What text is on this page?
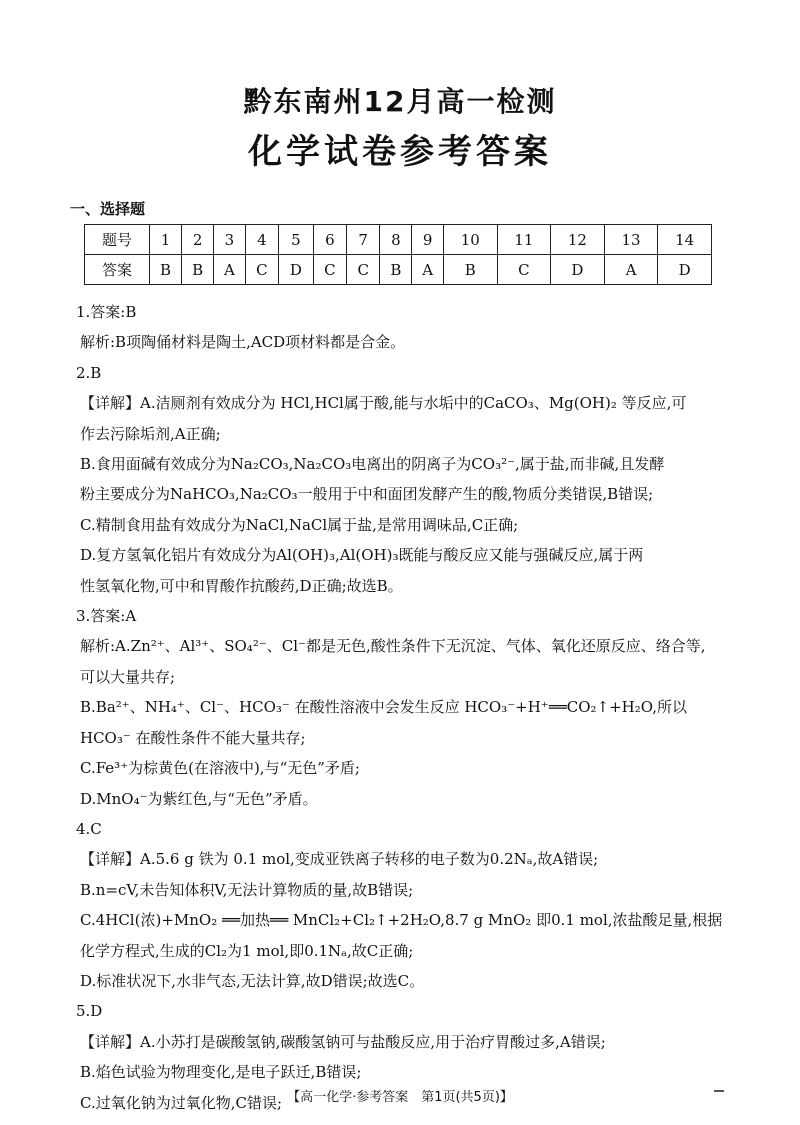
黔东南州12月高一检测
化学试卷参考答案
一、选择题
题号	1	2	3	4	5	6	7	8	9	10	11	12	13	14
答案	B	B	A	C	D	C	C	B	A	B	C	D	A	D
1.答案:B
解析:B项陶俑材料是陶土,ACD项材料都是合金。
2.B
【详解】A.洁厕剂有效成分为 HCl,HCl属于酸,能与水垢中的CaCO₃、Mg(OH)₂ 等反应,可
作去污除垢剂,A正确;
B.食用面碱有效成分为Na₂CO₃,Na₂CO₃电离出的阴离子为CO₃²⁻,属于盐,而非碱,且发酵
粉主要成分为NaHCO₃,Na₂CO₃一般用于中和面团发酵产生的酸,物质分类错误,B错误;
C.精制食用盐有效成分为NaCl,NaCl属于盐,是常用调味品,C正确;
D.复方氢氧化铝片有效成分为Al(OH)₃,Al(OH)₃既能与酸反应又能与强碱反应,属于两
性氢氧化物,可中和胃酸作抗酸药,D正确;故选B。
3.答案:A
解析:A.Zn²⁺、Al³⁺、SO₄²⁻、Cl⁻都是无色,酸性条件下无沉淀、气体、氧化还原反应、络合等,
可以大量共存;
B.Ba²⁺、NH₄⁺、Cl⁻、HCO₃⁻ 在酸性溶液中会发生反应 HCO₃⁻+H⁺══CO₂↑+H₂O,所以
HCO₃⁻ 在酸性条件不能大量共存;
C.Fe³⁺为棕黄色(在溶液中),与“无色”矛盾;
D.MnO₄⁻为紫红色,与“无色”矛盾。
4.C
【详解】A.5.6 g 铁为 0.1 mol,变成亚铁离子转移的电子数为0.2Nₐ,故A错误;
B.n=cV,未告知体积V,无法计算物质的量,故B错误;
C.4HCl(浓)+MnO₂ ══加热══ MnCl₂+Cl₂↑+2H₂O,8.7 g MnO₂ 即0.1 mol,浓盐酸足量,根据
化学方程式,生成的Cl₂为1 mol,即0.1Nₐ,故C正确;
D.标准状况下,水非气态,无法计算,故D错误;故选C。
5.D
【详解】A.小苏打是碳酸氢钠,碳酸氢钠可与盐酸反应,用于治疗胃酸过多,A错误;
B.焰色试验为物理变化,是电子跃迁,B错误;
C.过氧化钠为过氧化物,C错误; 【高一化学·参考答案　第1页(共5页)】
